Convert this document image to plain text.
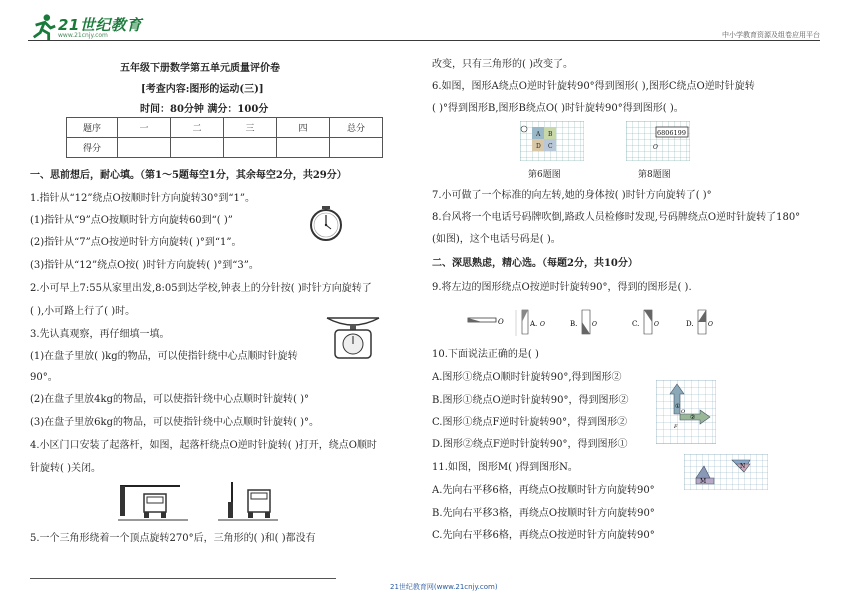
21世纪教育
www.21cnjy.com	中小学教育资源及组卷应用平台
五年级下册数学第五单元质量评价卷
[考查内容:图形的运动(三)]
时间：80分钟 满分：100分
题序	一	二	三	四	总分
得分					
一、思前想后，耐心填。（第1～5题每空1分，其余每空2分，共29分）
1.指针从“12”绕点O按顺时针方向旋转30°到“1”。
(1)指针从“9”点O按顺时针方向旋转60到“( )”
(2)指针从“7”点O按逆时针方向旋转( )°到“1”。
(3)指针从“12”绕点O按( )时针方向旋转( )°到“3”。
2.小可早上7:55从家里出发,8:05到达学校,钟表上的分针按( )时针方向旋转了
( ),小可路上行了( )时。
3.先认真观察，再仔细填一填。
(1)在盘子里放( )kg的物品，可以使指针绕中心点顺时针旋转
90°。
(2)在盘子里放4kg的物品，可以使指针绕中心点顺时针旋转( )°
(3)在盘子里放6kg的物品，可以使指针绕中心点顺时针旋转( )°。
4.小区门口安装了起落杆，如图，起落杆绕点O逆时针旋转( )打开，绕点O顺时
针旋转( )关闭。
5.一个三角形绕着一个顶点旋转270°后，三角形的( )和( )都没有
改变，只有三角形的( )改变了。
6.如图，图形A绕点O逆时针旋转90°得到图形( ),图形C绕点O逆时针旋转
( )°得到图形B,图形B绕点O( )时针旋转90°得到图形( )。
A B
C
D
第6题图
6806199
O
第8题图
7.小可做了一个标准的向左转,她的身体按( )时针方向旋转了( )°
8.台风将一个电话号码牌吹倒,路政人员检修时发现,号码牌绕点O逆时针旋转了180°
(如图)，这个电话号码是( )。
二、深思熟虑，精心选。（每题2分，共10分）
9.将左边的图形绕点O按逆时针旋转90°，得到的图形是( ).
O	A. O	B. O	C. O	D. O
10.下面说法正确的是( )
A.图形①绕点O顺时针旋转90°,得到图形②
B.图形①绕点O逆时针旋转90°，得到图形②
C.图形①绕点F逆时针旋转90°，得到图形②
D.图形②绕点F逆时针旋转90°，得到图形①
①
②
F
O
11.如图，图形M( )得到图形N。
M
N
A.先向右平移6格，再绕点O按顺时针方向旋转90°
B.先向右平移3格，再绕点O按顺时针方向旋转90°
C.先向右平移6格，再绕点O按逆时针方向旋转90°
21世纪教育网(www.21cnjy.com)
